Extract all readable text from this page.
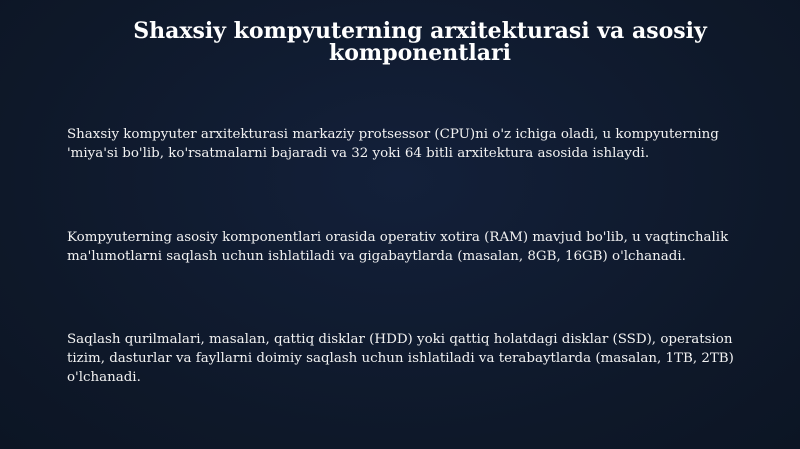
Shaxsiy kompyuterning arxitekturasi va asosiy komponentlari

Shaxsiy kompyuter arxitekturasi markaziy protsessor (CPU)ni o'z ichiga oladi, u kompyuterning 'miya'si bo'lib, ko'rsatmalarni bajaradi va 32 yoki 64 bitli arxitektura asosida ishlaydi.

Kompyuterning asosiy komponentlari orasida operativ xotira (RAM) mavjud bo'lib, u vaqtinchalik ma'lumotlarni saqlash uchun ishlatiladi va gigabaytlarda (masalan, 8GB, 16GB) o'lchanadi.

Saqlash qurilmalari, masalan, qattiq disklar (HDD) yoki qattiq holatdagi disklar (SSD), operatsion tizim, dasturlar va fayllarni doimiy saqlash uchun ishlatiladi va terabaytlarda (masalan, 1TB, 2TB) o'lchanadi.
